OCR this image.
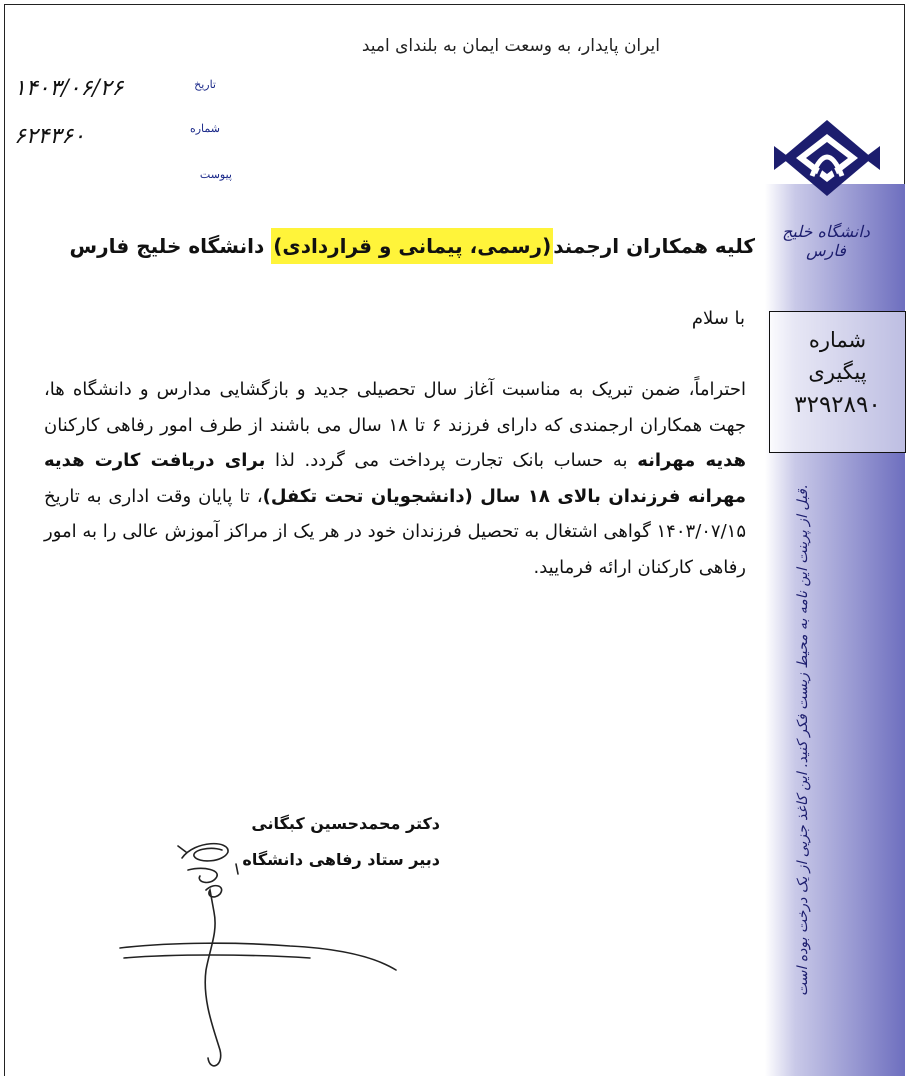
دانشگاه خلیج فارس
شماره
پیگیری
۳۲۹۲۸۹۰
قبل از پرینت این نامه به محیط زیست فکر کنید. این کاغذ جزیی از یک درخت بوده است.
ایران پایدار، به وسعت ایمان به بلندای امید
تاریخ
۱۴۰۳/۰۶/۲۶
شماره
۶۲۴۳۶۰
پیوست
کلیه همکاران ارجمند(رسمی، پیمانی و قراردادی) دانشگاه خلیج فارس
با سلام
احتراماً، ضمن تبریک به مناسبت آغاز سال تحصیلی جدید و بازگشایی مدارس و دانشگاه ها، جهت همکاران ارجمندی که دارای فرزند ۶ تا ۱۸ سال می باشند از طرف امور رفاهی کارکنان هدیه مهرانه به حساب بانک تجارت پرداخت می گردد. لذا برای دریافت کارت هدیه مهرانه فرزندان بالای ۱۸ سال (دانشجویان تحت تکفل)، تا پایان وقت اداری به تاریخ ۱۴۰۳/۰۷/۱۵ گواهی اشتغال به تحصیل فرزندان خود در هر یک از مراکز آموزش عالی را به امور رفاهی کارکنان ارائه فرمایید.
دکتر محمدحسین کبگانی
دبیر ستاد رفاهی دانشگاه
